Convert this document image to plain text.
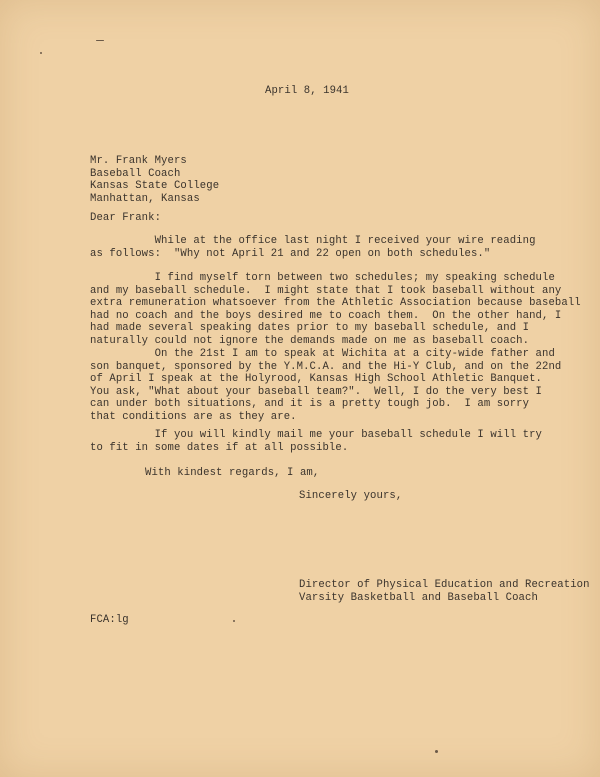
April 8, 1941
Mr. Frank Myers
Baseball Coach
Kansas State College
Manhattan, Kansas
Dear Frank:
While at the office last night I received your wire reading
as follows:  "Why not April 21 and 22 open on both schedules."
I find myself torn between two schedules; my speaking schedule
and my baseball schedule.  I might state that I took baseball without any
extra remuneration whatsoever from the Athletic Association because baseball
had no coach and the boys desired me to coach them.  On the other hand, I
had made several speaking dates prior to my baseball schedule, and I
naturally could not ignore the demands made on me as baseball coach.
On the 21st I am to speak at Wichita at a city-wide father and
son banquet, sponsored by the Y.M.C.A. and the Hi-Y Club, and on the 22nd
of April I speak at the Holyrood, Kansas High School Athletic Banquet.
You ask, "What about your baseball team?".  Well, I do the very best I
can under both situations, and it is a pretty tough job.  I am sorry
that conditions are as they are.
If you will kindly mail me your baseball schedule I will try
to fit in some dates if at all possible.
With kindest regards, I am,
Sincerely yours,
Director of Physical Education and Recreation
Varsity Basketball and Baseball Coach
FCA:lg
